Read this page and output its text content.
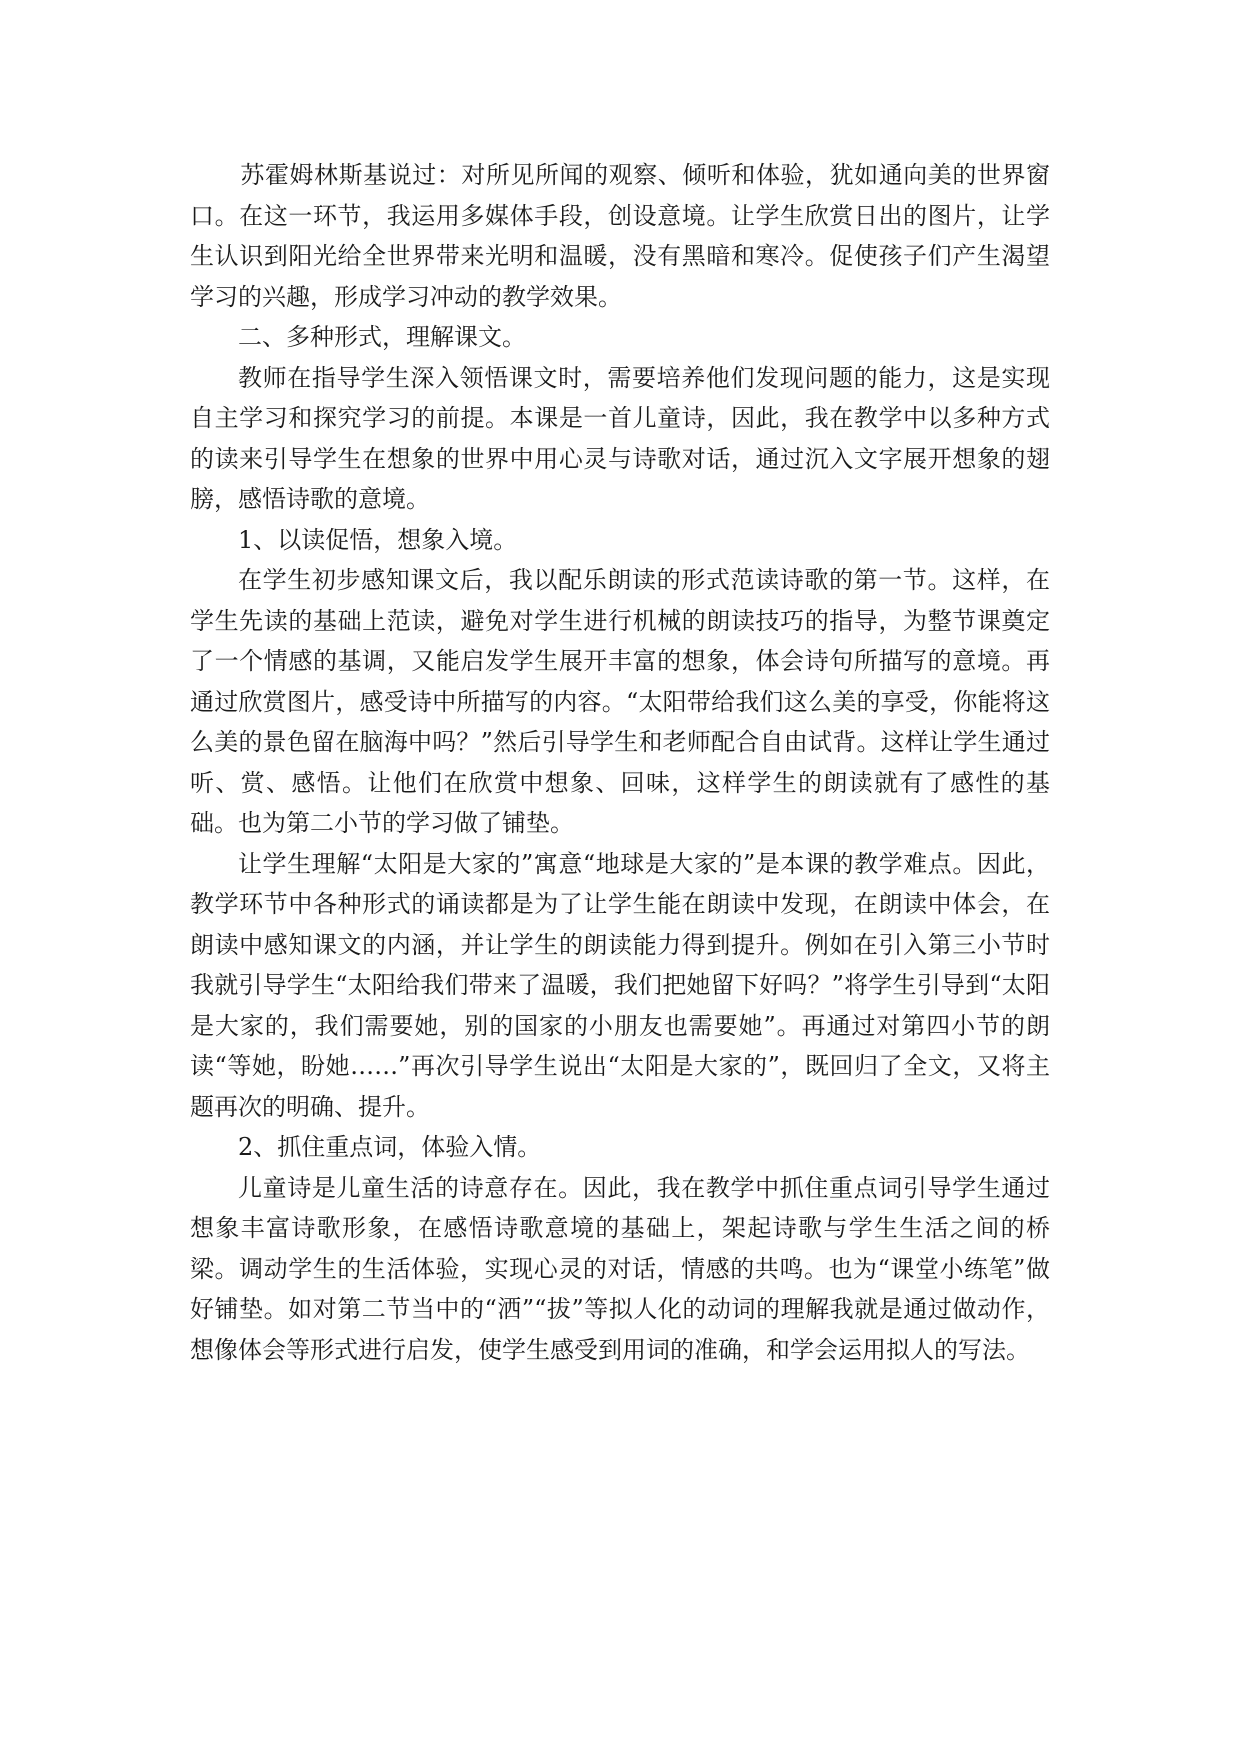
苏霍姆林斯基说过：对所见所闻的观察、倾听和体验，犹如通向美的世界窗口。在这一环节，我运用多媒体手段，创设意境。让学生欣赏日出的图片，让学生认识到阳光给全世界带来光明和温暖，没有黑暗和寒冷。促使孩子们产生渴望学习的兴趣，形成学习冲动的教学效果。

二、多种形式，理解课文。

教师在指导学生深入领悟课文时，需要培养他们发现问题的能力，这是实现自主学习和探究学习的前提。本课是一首儿童诗，因此，我在教学中以多种方式的读来引导学生在想象的世界中用心灵与诗歌对话，通过沉入文字展开想象的翅膀，感悟诗歌的意境。

1、以读促悟，想象入境。

在学生初步感知课文后，我以配乐朗读的形式范读诗歌的第一节。这样，在学生先读的基础上范读，避免对学生进行机械的朗读技巧的指导，为整节课奠定了一个情感的基调，又能启发学生展开丰富的想象，体会诗句所描写的意境。再通过欣赏图片，感受诗中所描写的内容。“太阳带给我们这么美的享受，你能将这么美的景色留在脑海中吗？”然后引导学生和老师配合自由试背。这样让学生通过听、赏、感悟。让他们在欣赏中想象、回味，这样学生的朗读就有了感性的基础。也为第二小节的学习做了铺垫。

让学生理解“太阳是大家的”寓意“地球是大家的”是本课的教学难点。因此，教学环节中各种形式的诵读都是为了让学生能在朗读中发现，在朗读中体会，在朗读中感知课文的内涵，并让学生的朗读能力得到提升。例如在引入第三小节时我就引导学生“太阳给我们带来了温暖，我们把她留下好吗？”将学生引导到“太阳是大家的，我们需要她，别的国家的小朋友也需要她”。再通过对第四小节的朗读“等她，盼她……”再次引导学生说出“太阳是大家的”，既回归了全文，又将主题再次的明确、提升。

2、抓住重点词，体验入情。

儿童诗是儿童生活的诗意存在。因此，我在教学中抓住重点词引导学生通过想象丰富诗歌形象，在感悟诗歌意境的基础上，架起诗歌与学生生活之间的桥梁。调动学生的生活体验，实现心灵的对话，情感的共鸣。也为“课堂小练笔”做好铺垫。如对第二节当中的“洒”“拔”等拟人化的动词的理解我就是通过做动作，想像体会等形式进行启发，使学生感受到用词的准确，和学会运用拟人的写法。
